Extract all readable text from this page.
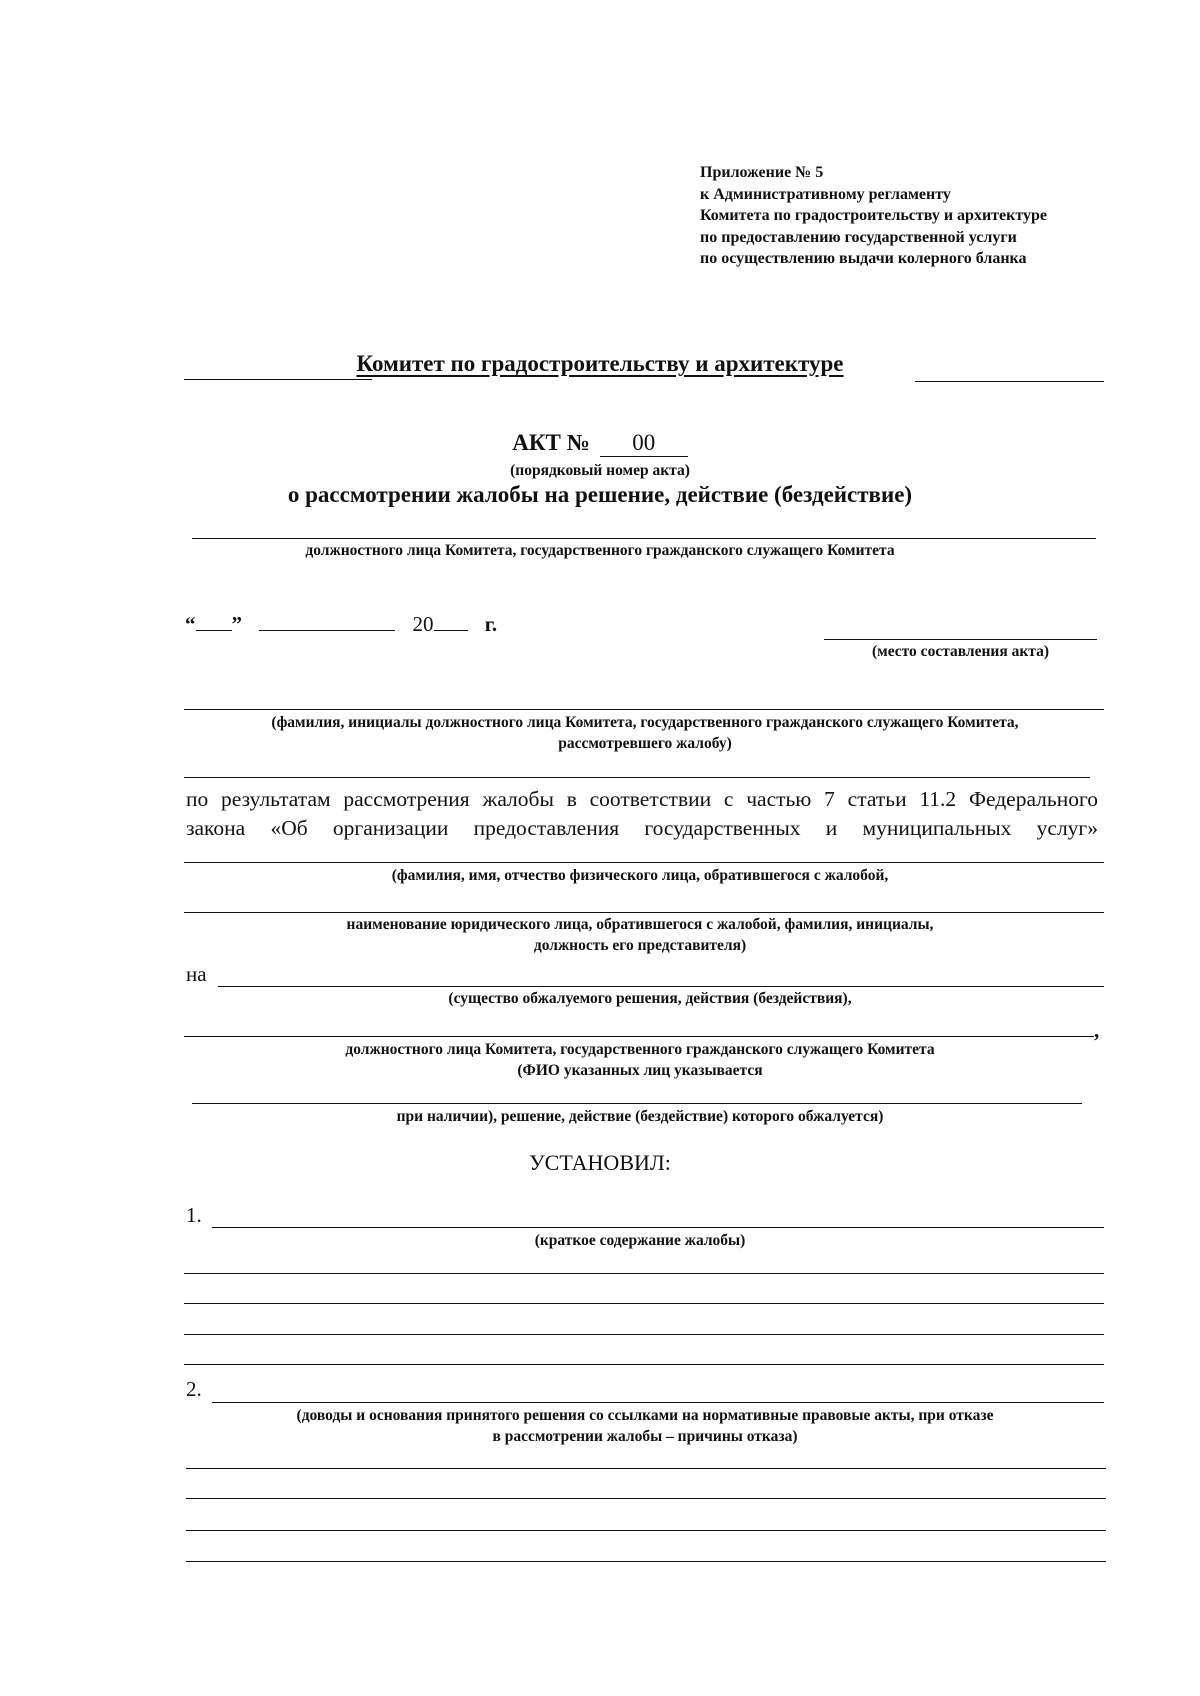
Приложение № 5
к Административному регламенту
Комитета по градостроительству и архитектуре
по предоставлению государственной услуги
по осуществлению выдачи колерного бланка
Комитет по градостроительству и архитектуре
АКТ № 00
(порядковый номер акта)
о рассмотрении жалобы на решение, действие (бездействие)
должностного лица Комитета, государственного гражданского служащего Комитета
“ ”	20 г.
(место составления акта)
(фамилия, инициалы должностного лица Комитета, государственного гражданского служащего Комитета,
рассмотревшего жалобу)
по результатам рассмотрения жалобы в соответствии с частью 7 статьи 11.2 Федерального
закона «Об организации предоставления государственных и муниципальных услуг»
(фамилия, имя, отчество физического лица, обратившегося с жалобой,
наименование юридического лица, обратившегося с жалобой, фамилия, инициалы,
должность его представителя)
на
(существо обжалуемого решения, действия (бездействия),
,
должностного лица Комитета, государственного гражданского служащего Комитета
(ФИО указанных лиц указывается
при наличии), решение, действие (бездействие) которого обжалуется)
УСТАНОВИЛ:
1.
(краткое содержание жалобы)
2.
(доводы и основания принятого решения со ссылками на нормативные правовые акты, при отказе
в рассмотрении жалобы – причины отказа)
